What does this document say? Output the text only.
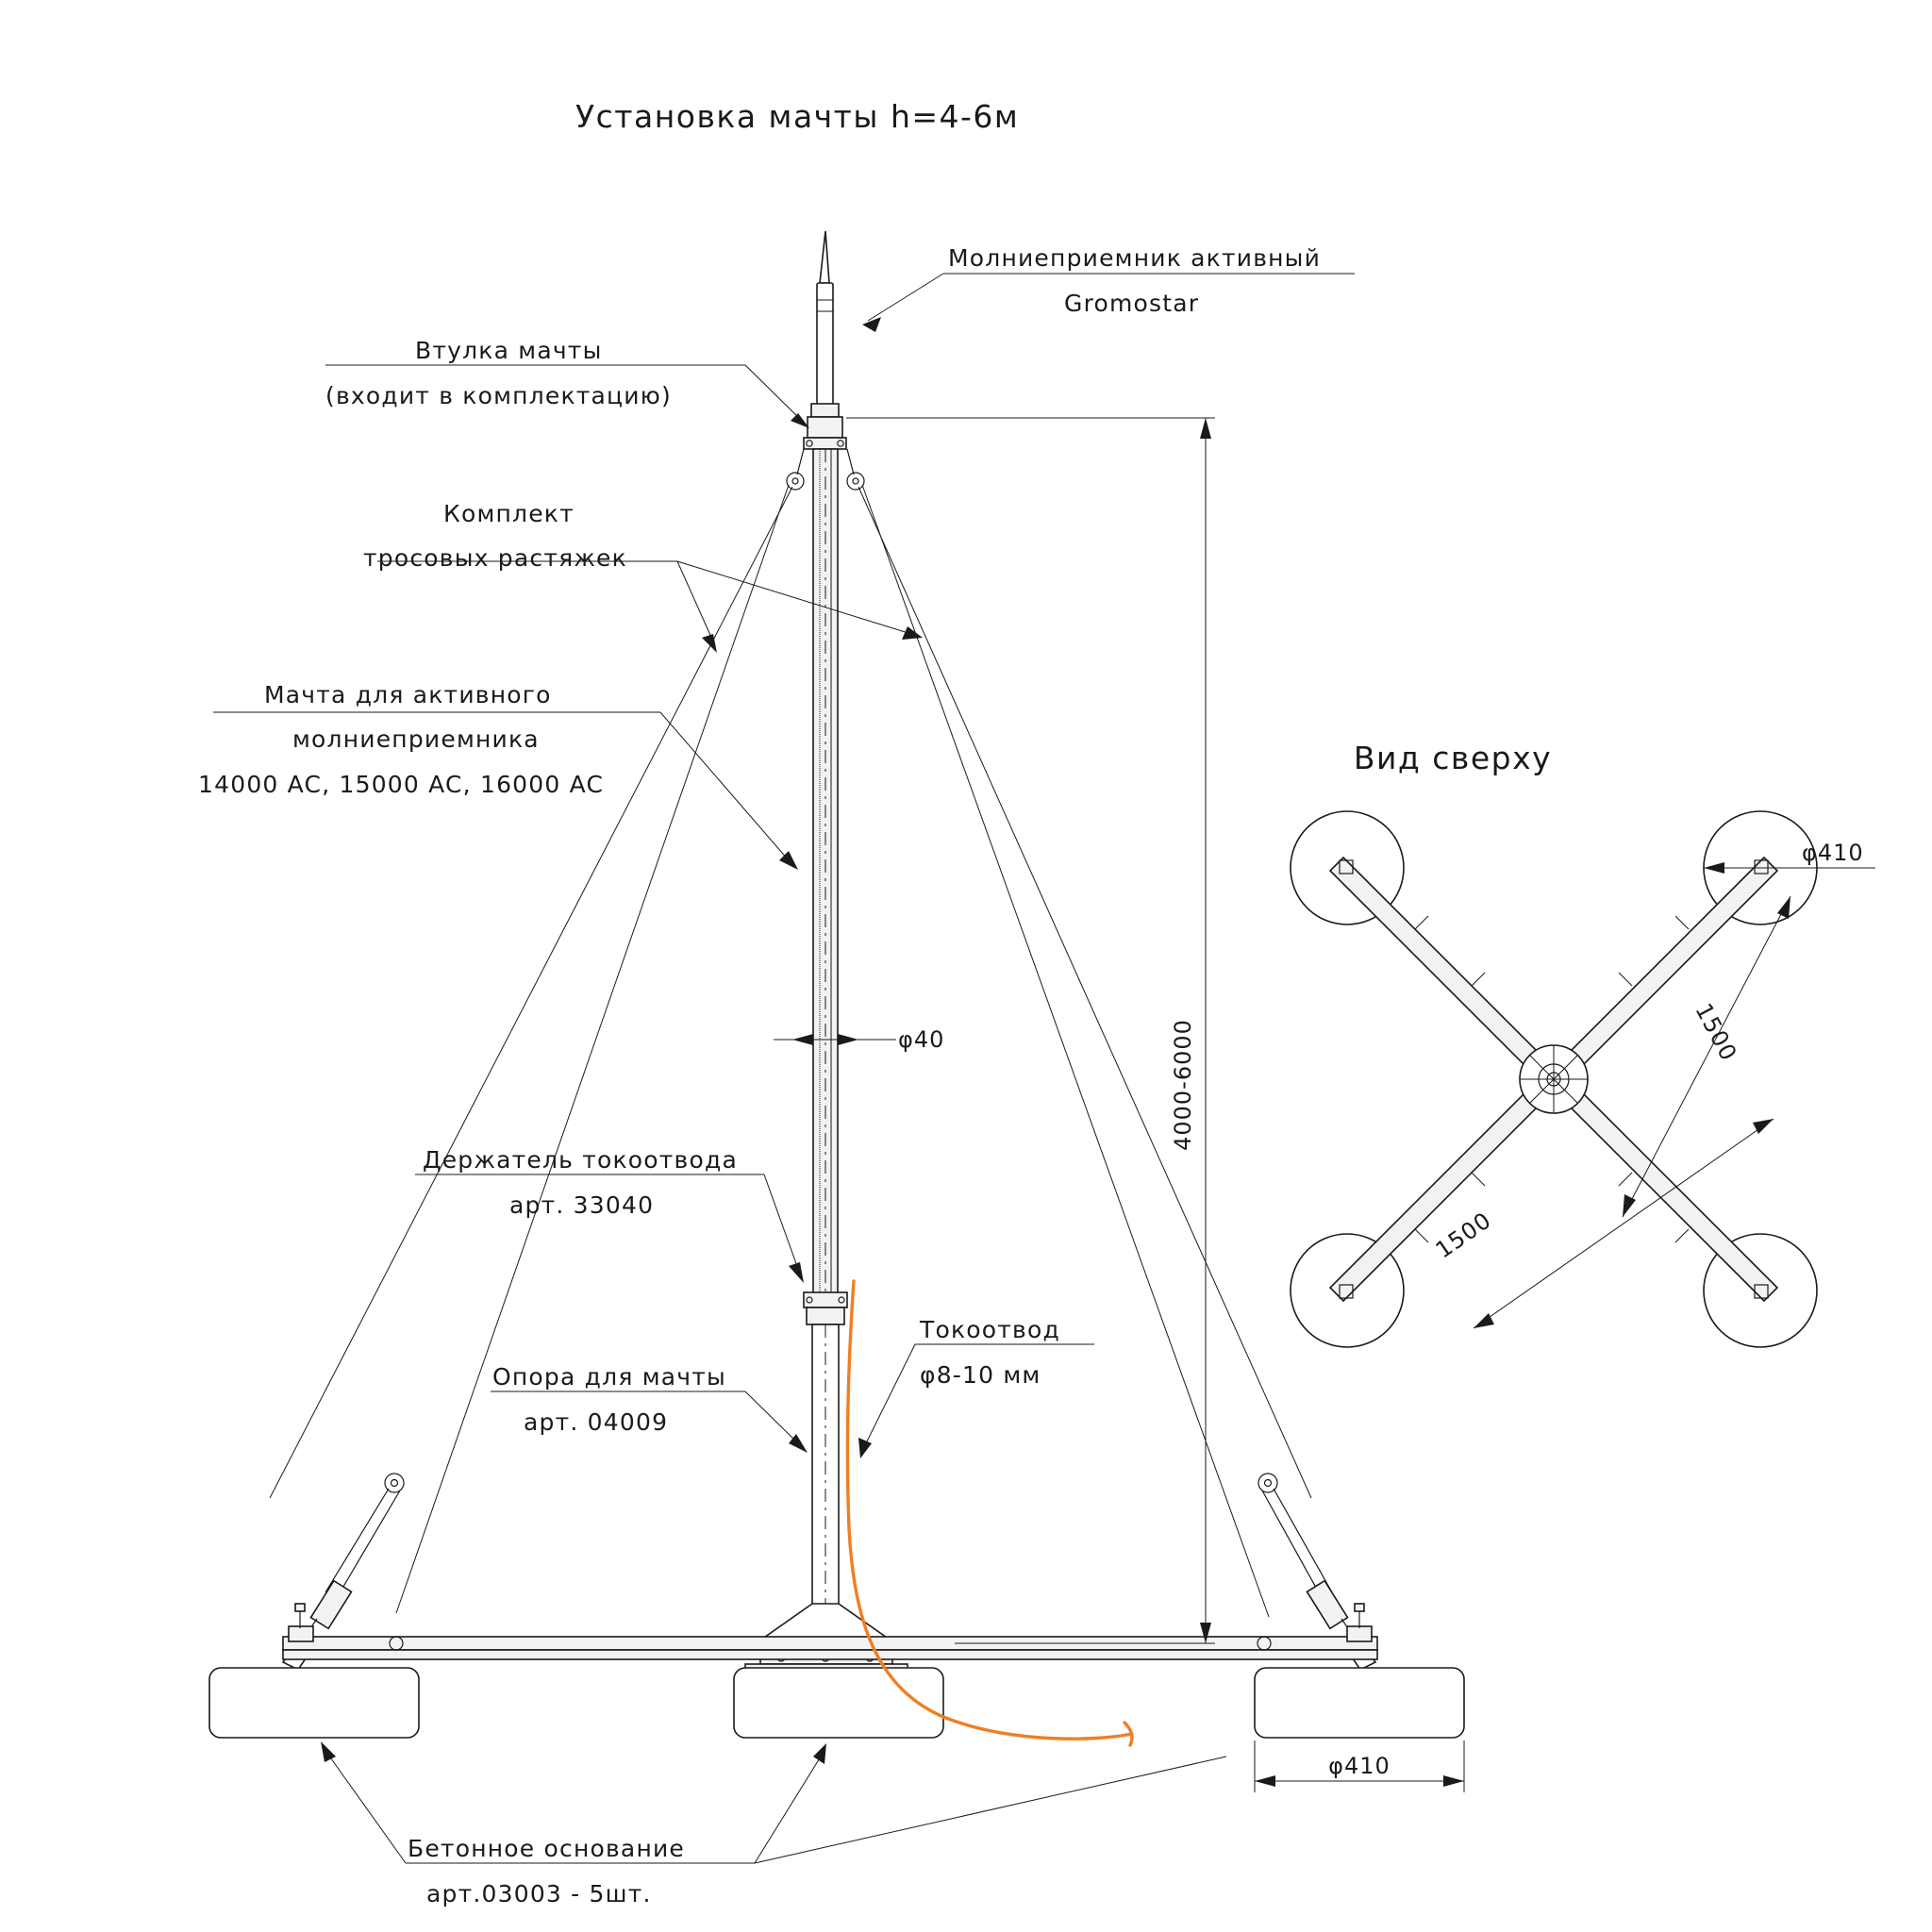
Установка мачты h=4-6м
Вид сверху
4000-6000
φ40
φ410
Молниеприемник активный
Gromostar
Втулка мачты
(входит в комплектацию)
Комплект
тросовых растяжек
Мачта для активного
молниеприемника
14000 AC, 15000 AC, 16000 AC
Держатель токоотвода
арт. 33040
Опора для мачты
арт. 04009
Токоотвод
φ8-10 мм
Бетонное основание
арт.03003 - 5шт.
φ410
1500
1500
